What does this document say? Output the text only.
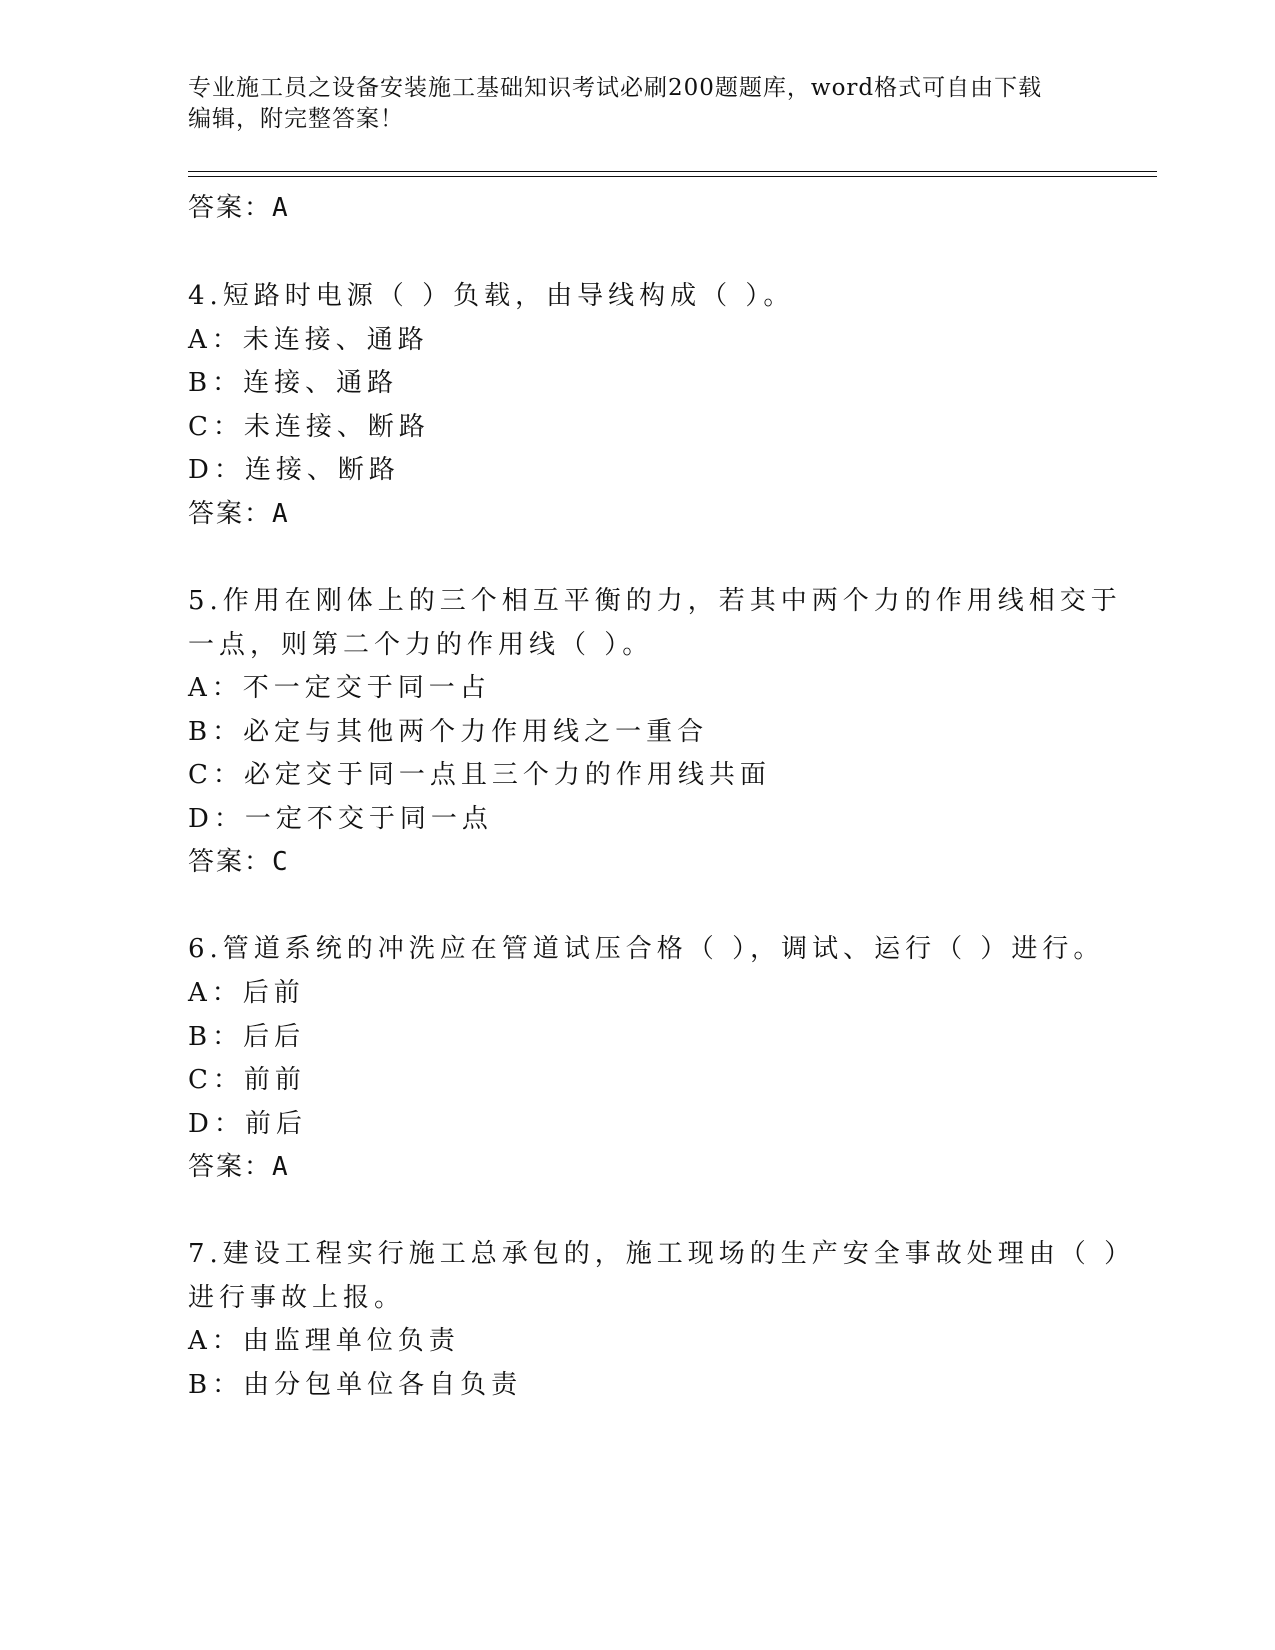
专业施工员之设备安装施工基础知识考试必刷200题题库，word格式可自由下载
编辑，附完整答案！
答案：A
4.短路时电源（ ）负载，由导线构成（ ）。
A：未连接、通路
B：连接、通路
C：未连接、断路
D：连接、断路
答案：A
5.作用在刚体上的三个相互平衡的力，若其中两个力的作用线相交于
一点，则第二个力的作用线（ ）。
A：不一定交于同一占
B：必定与其他两个力作用线之一重合
C：必定交于同一点且三个力的作用线共面
D：一定不交于同一点
答案：C
6.管道系统的冲洗应在管道试压合格（ ），调试、运行（ ）进行。
A：后前
B：后后
C：前前
D：前后
答案：A
7.建设工程实行施工总承包的，施工现场的生产安全事故处理由（ ）
进行事故上报。
A：由监理单位负责
B：由分包单位各自负责
